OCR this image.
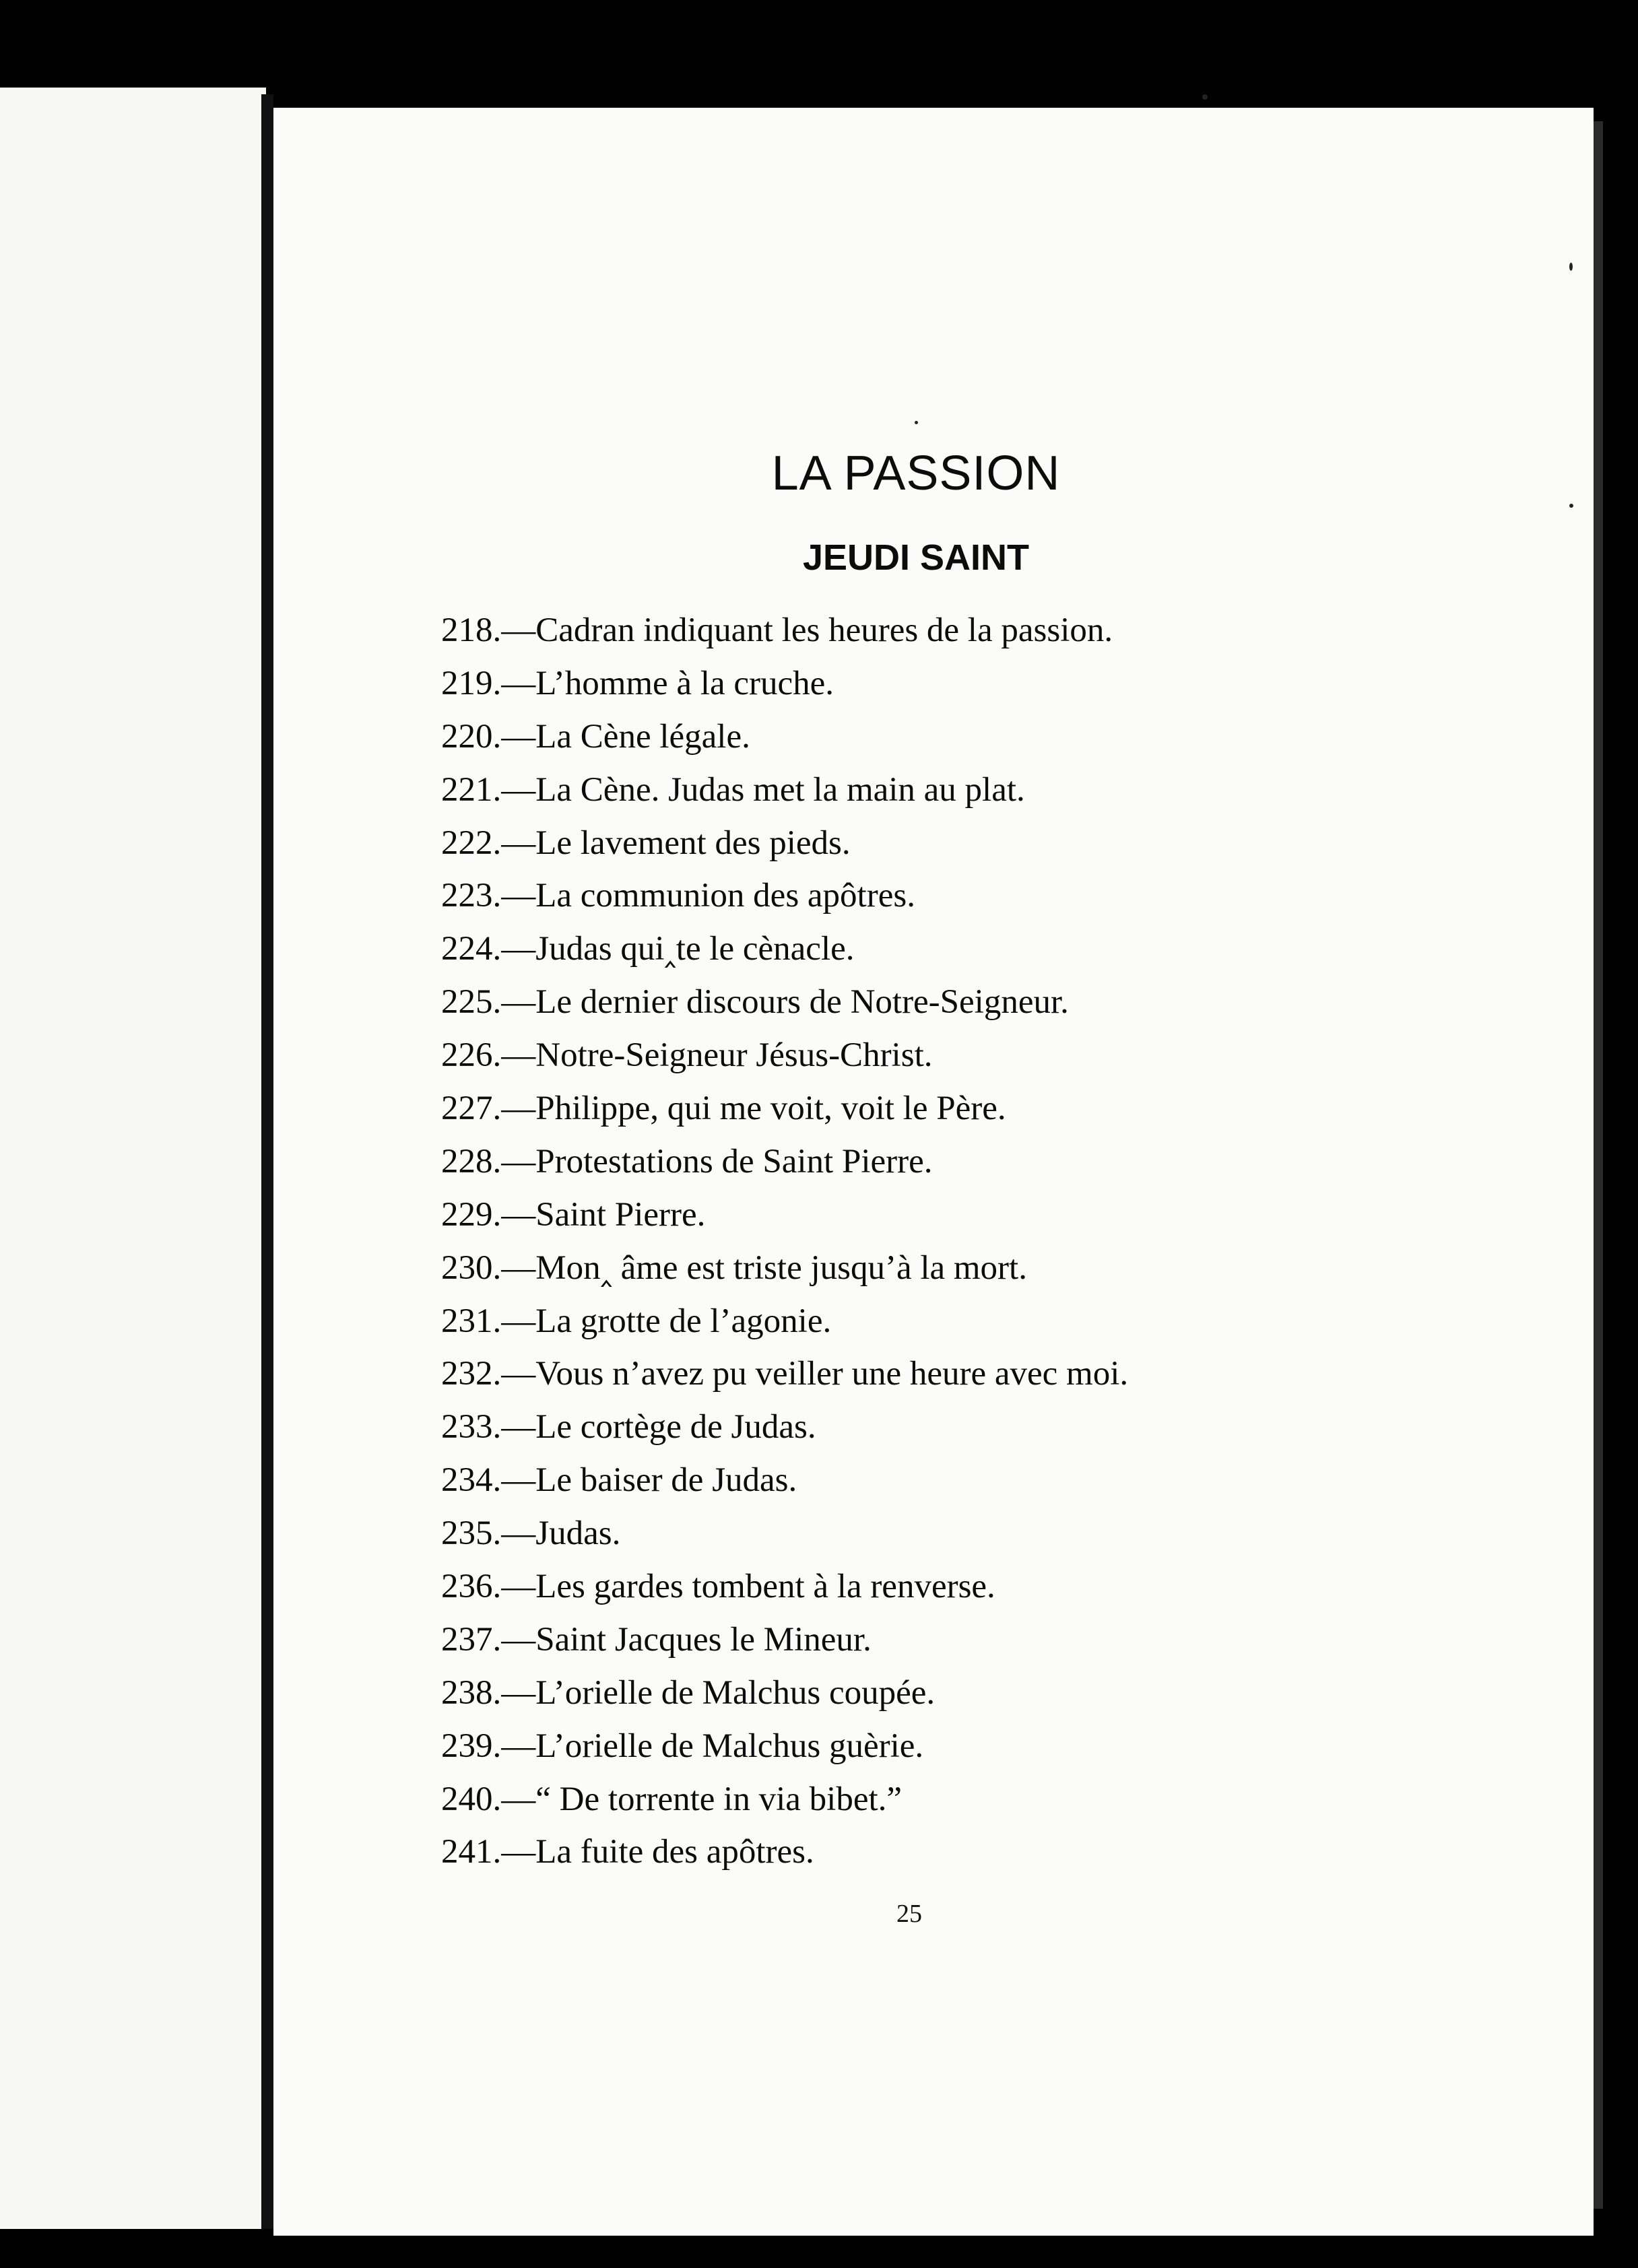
LA PASSION
JEUDI SAINT
218.—Cadran indiquant les heures de la passion.
219.—L’homme à la cruche.
220.—La Cène légale.
221.—La Cène. Judas met la main au plat.
222.—Le lavement des pieds.
223.—La communion des apôtres.
224.—Judas qui‸te le cènacle.
225.—Le dernier discours de Notre-Seigneur.
226.—Notre-Seigneur Jésus-Christ.
227.—Philippe, qui me voit, voit le Père.
228.—Protestations de Saint Pierre.
229.—Saint Pierre.
230.—Mon‸ âme est triste jusqu’à la mort.
231.—La grotte de l’agonie.
232.—Vous n’avez pu veiller une heure avec moi.
233.—Le cortège de Judas.
234.—Le baiser de Judas.
235.—Judas.
236.—Les gardes tombent à la renverse.
237.—Saint Jacques le Mineur.
238.—L’orielle de Malchus coupée.
239.—L’orielle de Malchus guèrie.
240.—“ De torrente in via bibet.”
241.—La fuite des apôtres.
25
